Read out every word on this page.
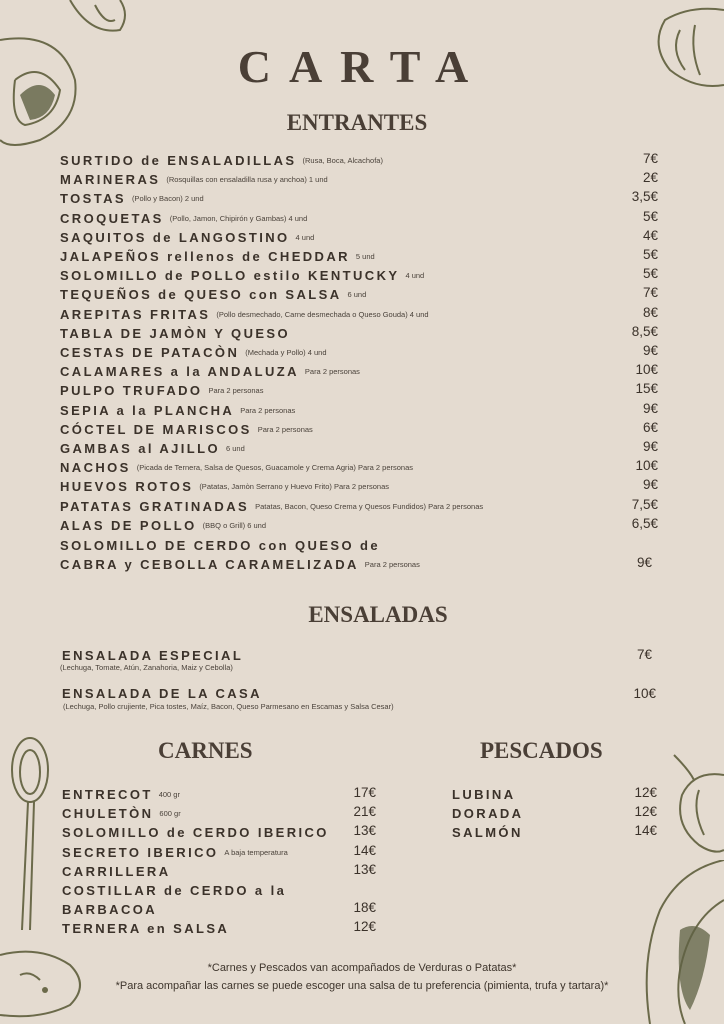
CARTA
ENTRANTES
SURTIDO de ENSALADILLAS $^{(Rusa, Boca, Alcachofa)}$	7€
MARINERAS $^{(Rosquillas con ensaladilla rusa y anchoa) 1 und}$	2€
TOSTAS $^{(Pollo y Bacon) 2 und}$	3,5€
CROQUETAS $^{(Pollo, Jamon, Chipirón y Gambas) 4 und}$	5€
SAQUITOS de LANGOSTINO $^{4 und}$	4€
JALAPEÑOS rellenos de CHEDDAR $^{5 und}$	5€
SOLOMILLO de POLLO estilo KENTUCKY $^{4 und}$	5€
TEQUEÑOS de QUESO con SALSA $^{6 und}$	7€
AREPITAS FRITAS $^{(Pollo desmechado, Carne desmechada o Queso Gouda) 4 und}$	8€
TABLA DE JAMÒN Y QUESO	8,5€
CESTAS DE PATACÒN $^{(Mechada y Pollo) 4 und}$	9€
CALAMARES a la ANDALUZA $^{Para 2 personas}$	10€
PULPO TRUFADO $^{Para 2 personas}$	15€
SEPIA a la PLANCHA $^{Para 2 personas}$	9€
CÓCTEL DE MARISCOS $^{Para 2 personas}$	6€
GAMBAS al AJILLO $^{6 und}$	9€
NACHOS $^{(Picada de Ternera, Salsa de Quesos, Guacamole y Crema Agria) Para 2 personas}$	10€
HUEVOS ROTOS $^{(Patatas, Jamòn Serrano y Huevo Frito) Para 2 personas}$	9€
PATATAS GRATINADAS $^{Patatas, Bacon, Queso Crema y Quesos Fundidos) Para 2 personas}$	7,5€
ALAS DE POLLO $^{(BBQ o Grill) 6 und}$	6,5€
SOLOMILLO DE CERDO con QUESO de
CABRA y CEBOLLA CARAMELIZADA $^{Para 2 personas}$	9€
ENSALADAS
ENSALADA ESPECIAL
(Lechuga, Tomate, Atún, Zanahoria, Maiz y Cebolla)
7€
ENSALADA DE LA CASA
(Lechuga, Pollo crujiente, Pica tostes, Maíz, Bacon, Queso Parmesano en Escamas y Salsa Cesar)
10€
CARNES
ENTRECOT $^{400 gr}$	17€
CHULETÒN $^{600 gr}$	21€
SOLOMILLO de CERDO IBERICO	13€
SECRETO IBERICO $^{A baja temperatura}$	14€
CARRILLERA	13€
COSTILLAR de CERDO a la
BARBACOA	18€
TERNERA en SALSA	12€
PESCADOS
LUBINA	12€
DORADA	12€
SALMÓN	14€
*Carnes y Pescados van acompañados de Verduras o Patatas*
*Para acompañar las carnes se puede escoger una salsa de tu preferencia (pimienta, trufa y tartara)*
